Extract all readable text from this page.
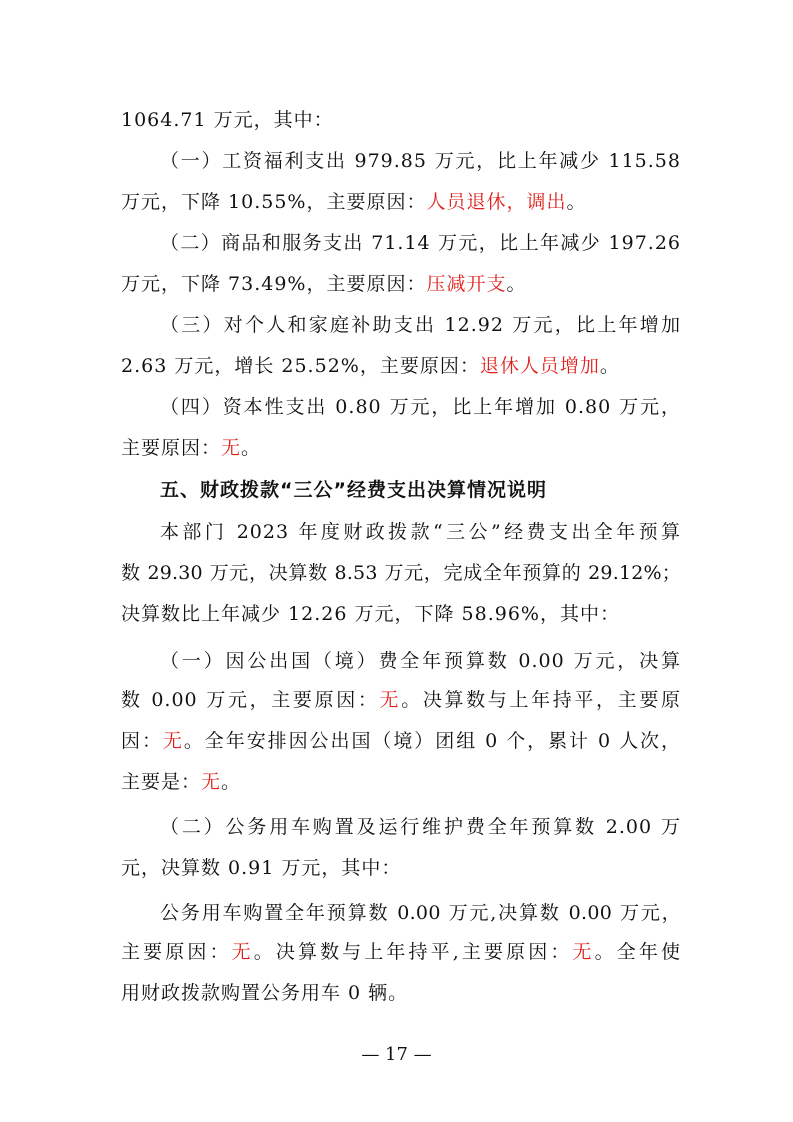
1064.71 万元，其中：
（一）工资福利支出 979.85 万元，比上年减少 115.58
万元，下降 10.55%，主要原因：人员退休，调出。
（二）商品和服务支出 71.14 万元，比上年减少 197.26
万元，下降 73.49%，主要原因：压减开支。
（三）对个人和家庭补助支出 12.92 万元，比上年增加
2.63 万元，增长 25.52%，主要原因：退休人员增加。
（四）资本性支出 0.80 万元，比上年增加 0.80 万元，
主要原因：无。
五、财政拨款“三公”经费支出决算情况说明
本部门 2023 年度财政拨款“三公”经费支出全年预算
数 29.30 万元，决算数 8.53 万元，完成全年预算的 29.12%；
决算数比上年减少 12.26 万元，下降 58.96%，其中：
（一）因公出国（境）费全年预算数 0.00 万元，决算
数 0.00 万元，主要原因：无。决算数与上年持平，主要原
因：无。全年安排因公出国（境）团组 0 个，累计 0 人次，
主要是：无。
（二）公务用车购置及运行维护费全年预算数 2.00 万
元，决算数 0.91 万元，其中：
公务用车购置全年预算数 0.00 万元,决算数 0.00 万元，
主要原因：无。决算数与上年持平,主要原因：无。全年使
用财政拨款购置公务用车 0 辆。
— 17 —
